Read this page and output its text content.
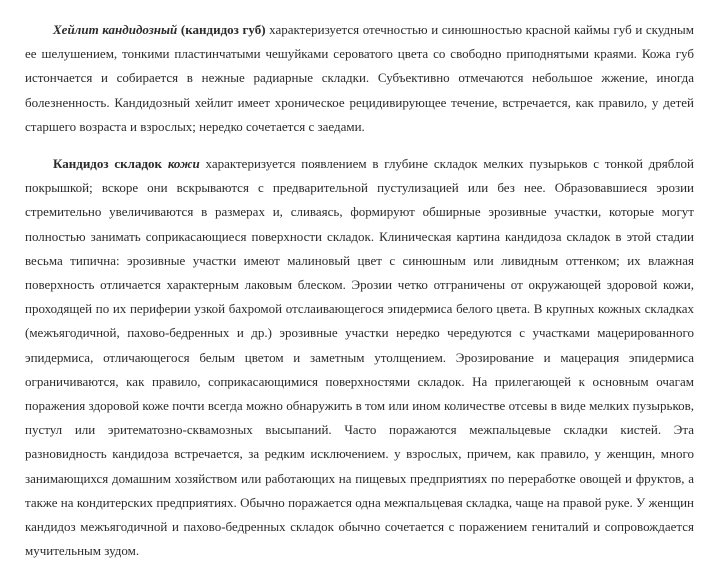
Хейлит кандидозный (кандидоз губ) характеризуется отечностью и синюшностью красной каймы губ и скудным ее шелушением, тонкими пластинчатыми чешуйками сероватого цвета со свободно приподнятыми краями. Кожа губ истончается и собирается в нежные радиарные складки. Субъективно отмечаются небольшое жжение, иногда болезненность. Кандидозный хейлит имеет хроническое рецидивирующее течение, встречается, как правило, у детей старшего возраста и взрослых; нередко сочетается с заедами.

Кандидоз складок кожи характеризуется появлением в глубине складок мелких пузырьков с тонкой дряблой покрышкой; вскоре они вскрываются с предварительной пустулизацией или без нее. Образовавшиеся эрозии стремительно увеличиваются в размерах и, сливаясь, формируют обширные эрозивные участки, которые могут полностью занимать соприкасающиеся поверхности складок. Клиническая картина кандидоза складок в этой стадии весьма типична: эрозивные участки имеют малиновый цвет с синюшным или ливидным оттенком; их влажная поверхность отличается характерным лаковым блеском. Эрозии четко отграничены от окружающей здоровой кожи, проходящей по их периферии узкой бахромой отслаивающегося эпидермиса белого цвета. В крупных кожных складках (межъягодичной, пахово-бедренных и др.) эрозивные участки нередко чередуются с участками мацерированного эпидермиса, отличающегося белым цветом и заметным утолщением. Эрозирование и мацерация эпидермиса ограничиваются, как правило, соприкасающимися поверхностями складок. На прилегающей к основным очагам поражения здоровой коже почти всегда можно обнаружить в том или ином количестве отсевы в виде мелких пузырьков, пустул или эритематозно-сквамозных высыпаний. Часто поражаются межпальцевые складки кистей. Эта разновидность кандидоза встречается, за редким исключением. у взрослых, причем, как правило, у женщин, много занимающихся домашним хозяйством или работающих на пищевых предприятиях по переработке овощей и фруктов, а также на кондитерских предприятиях. Обычно поражается одна межпальцевая складка, чаще на правой руке. У женщин кандидоз межъягодичной и пахово-бедренных складок обычно сочетается с поражением гениталий и сопровождается мучительным зудом.
